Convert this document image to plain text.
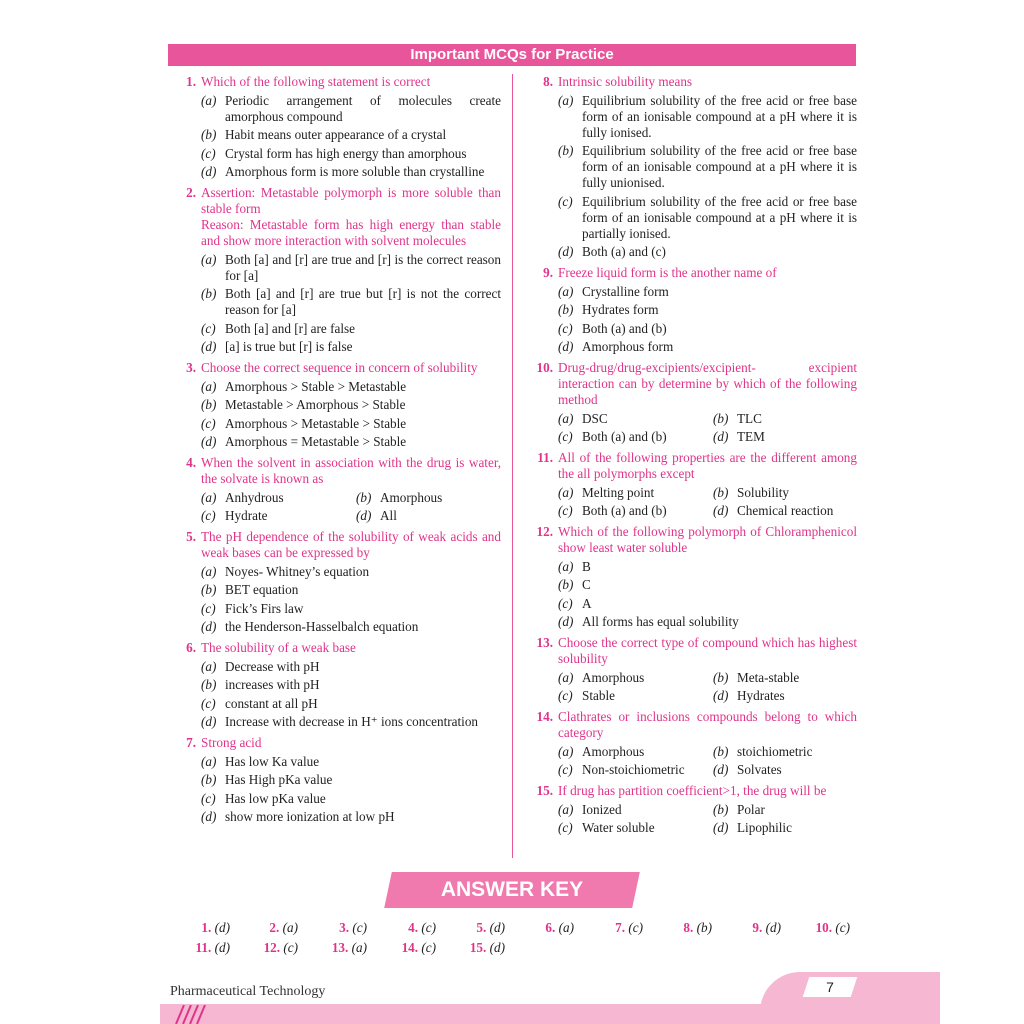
Important MCQs for Practice
1. Which of the following statement is correct
(a) Periodic arrangement of molecules create amorphous compound
(b) Habit means outer appearance of a crystal
(c) Crystal form has high energy than amorphous
(d) Amorphous form is more soluble than crystalline
2. Assertion: Metastable polymorph is more soluble than stable form
Reason: Metastable form has high energy than stable and show more interaction with solvent molecules
(a) Both [a] and [r] are true and [r] is the correct reason for [a]
(b) Both [a] and [r] are true but [r] is not the correct reason for [a]
(c) Both [a] and [r] are false
(d) [a] is true but [r] is false
3. Choose the correct sequence in concern of solubility
(a) Amorphous > Stable > Metastable
(b) Metastable > Amorphous > Stable
(c) Amorphous > Metastable > Stable
(d) Amorphous = Metastable > Stable
4. When the solvent in association with the drug is water, the solvate is known as
(a) Anhydrous	(b) Amorphous
(c) Hydrate	(d) All
5. The pH dependence of the solubility of weak acids and weak bases can be expressed by
(a) Noyes- Whitney’s equation
(b) BET equation
(c) Fick’s Firs law
(d) the Henderson-Hasselbalch equation
6. The solubility of a weak base
(a) Decrease with pH
(b) increases with pH
(c) constant at all pH
(d) Increase with decrease in H⁺ ions concentration
7. Strong acid
(a) Has low Ka value
(b) Has High pKa value
(c) Has low pKa value
(d) show more ionization at low pH
8. Intrinsic solubility means
(a) Equilibrium solubility of the free acid or free base form of an ionisable compound at a pH where it is fully ionised.
(b) Equilibrium solubility of the free acid or free base form of an ionisable compound at a pH where it is fully unionised.
(c) Equilibrium solubility of the free acid or free base form of an ionisable compound at a pH where it is partially ionised.
(d) Both (a) and (c)
9. Freeze liquid form is the another name of
(a) Crystalline form
(b) Hydrates form
(c) Both (a) and (b)
(d) Amorphous form
10. Drug-drug/drug-excipients/excipient- excipient interaction can by determine by which of the following method
(a) DSC	(b) TLC
(c) Both (a) and (b)	(d) TEM
11. All of the following properties are the different among the all polymorphs except
(a) Melting point	(b) Solubility
(c) Both (a) and (b)	(d) Chemical reaction
12. Which of the following polymorph of Chloramphenicol show least water soluble
(a) B
(b) C
(c) A
(d) All forms has equal solubility
13. Choose the correct type of compound which has highest solubility
(a) Amorphous	(b) Meta-stable
(c) Stable	(d) Hydrates
14. Clathrates or inclusions compounds belong to which category
(a) Amorphous	(b) stoichiometric
(c) Non-stoichiometric	(d) Solvates
15. If drug has partition coefficient>1, the drug will be
(a) Ionized	(b) Polar
(c) Water soluble	(d) Lipophilic
ANSWER KEY
1. (d)	2. (a)	3. (c)	4. (c)	5. (d)	6. (a)	7. (c)	8. (b)	9. (d)	10. (c)
11. (d)	12. (c)	13. (a)	14. (c)	15. (d)
7
Pharmaceutical Technology
